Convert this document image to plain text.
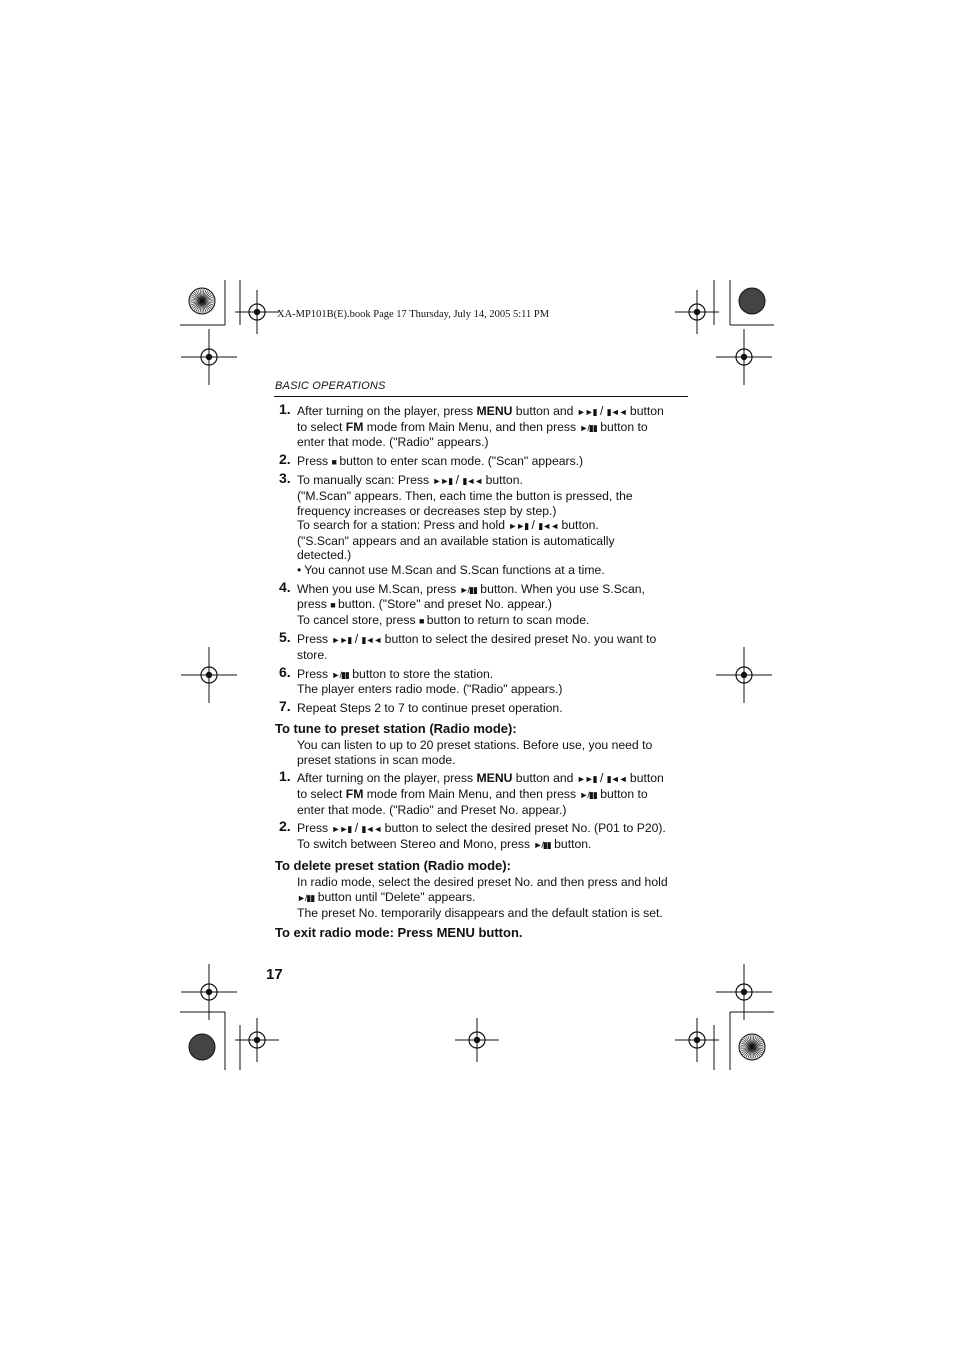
XA-MP101B(E).book Page 17 Thursday, July 14, 2005 5:11 PM
BASIC OPERATIONS
1. After turning on the player, press MENU button and ►►▮ / ▮◄◄ button
to select FM mode from Main Menu, and then press ►/▮▮ button to
enter that mode. ("Radio" appears.)
2. Press ■ button to enter scan mode. ("Scan" appears.)
3. To manually scan: Press ►►▮ / ▮◄◄ button.
("M.Scan" appears. Then, each time the button is pressed, the
frequency increases or decreases step by step.)
To search for a station: Press and hold ►►▮ / ▮◄◄ button.
("S.Scan" appears and an available station is automatically
detected.)
• You cannot use M.Scan and S.Scan functions at a time.
4. When you use M.Scan, press ►/▮▮ button. When you use S.Scan,
press ■ button. ("Store" and preset No. appear.)
To cancel store, press ■ button to return to scan mode.
5. Press ►►▮ / ▮◄◄ button to select the desired preset No. you want to
store.
6. Press ►/▮▮ button to store the station.
The player enters radio mode. ("Radio" appears.)
7. Repeat Steps 2 to 7 to continue preset operation.
To tune to preset station (Radio mode):
You can listen to up to 20 preset stations. Before use, you need to
preset stations in scan mode.
1. After turning on the player, press MENU button and ►►▮ / ▮◄◄ button
to select FM mode from Main Menu, and then press ►/▮▮ button to
enter that mode. ("Radio" and Preset No. appear.)
2. Press ►►▮ / ▮◄◄ button to select the desired preset No. (P01 to P20).
To switch between Stereo and Mono, press ►/▮▮ button.
To delete preset station (Radio mode):
In radio mode, select the desired preset No. and then press and hold
►/▮▮ button until "Delete" appears.
The preset No. temporarily disappears and the default station is set.
To exit radio mode: Press MENU button.
17
